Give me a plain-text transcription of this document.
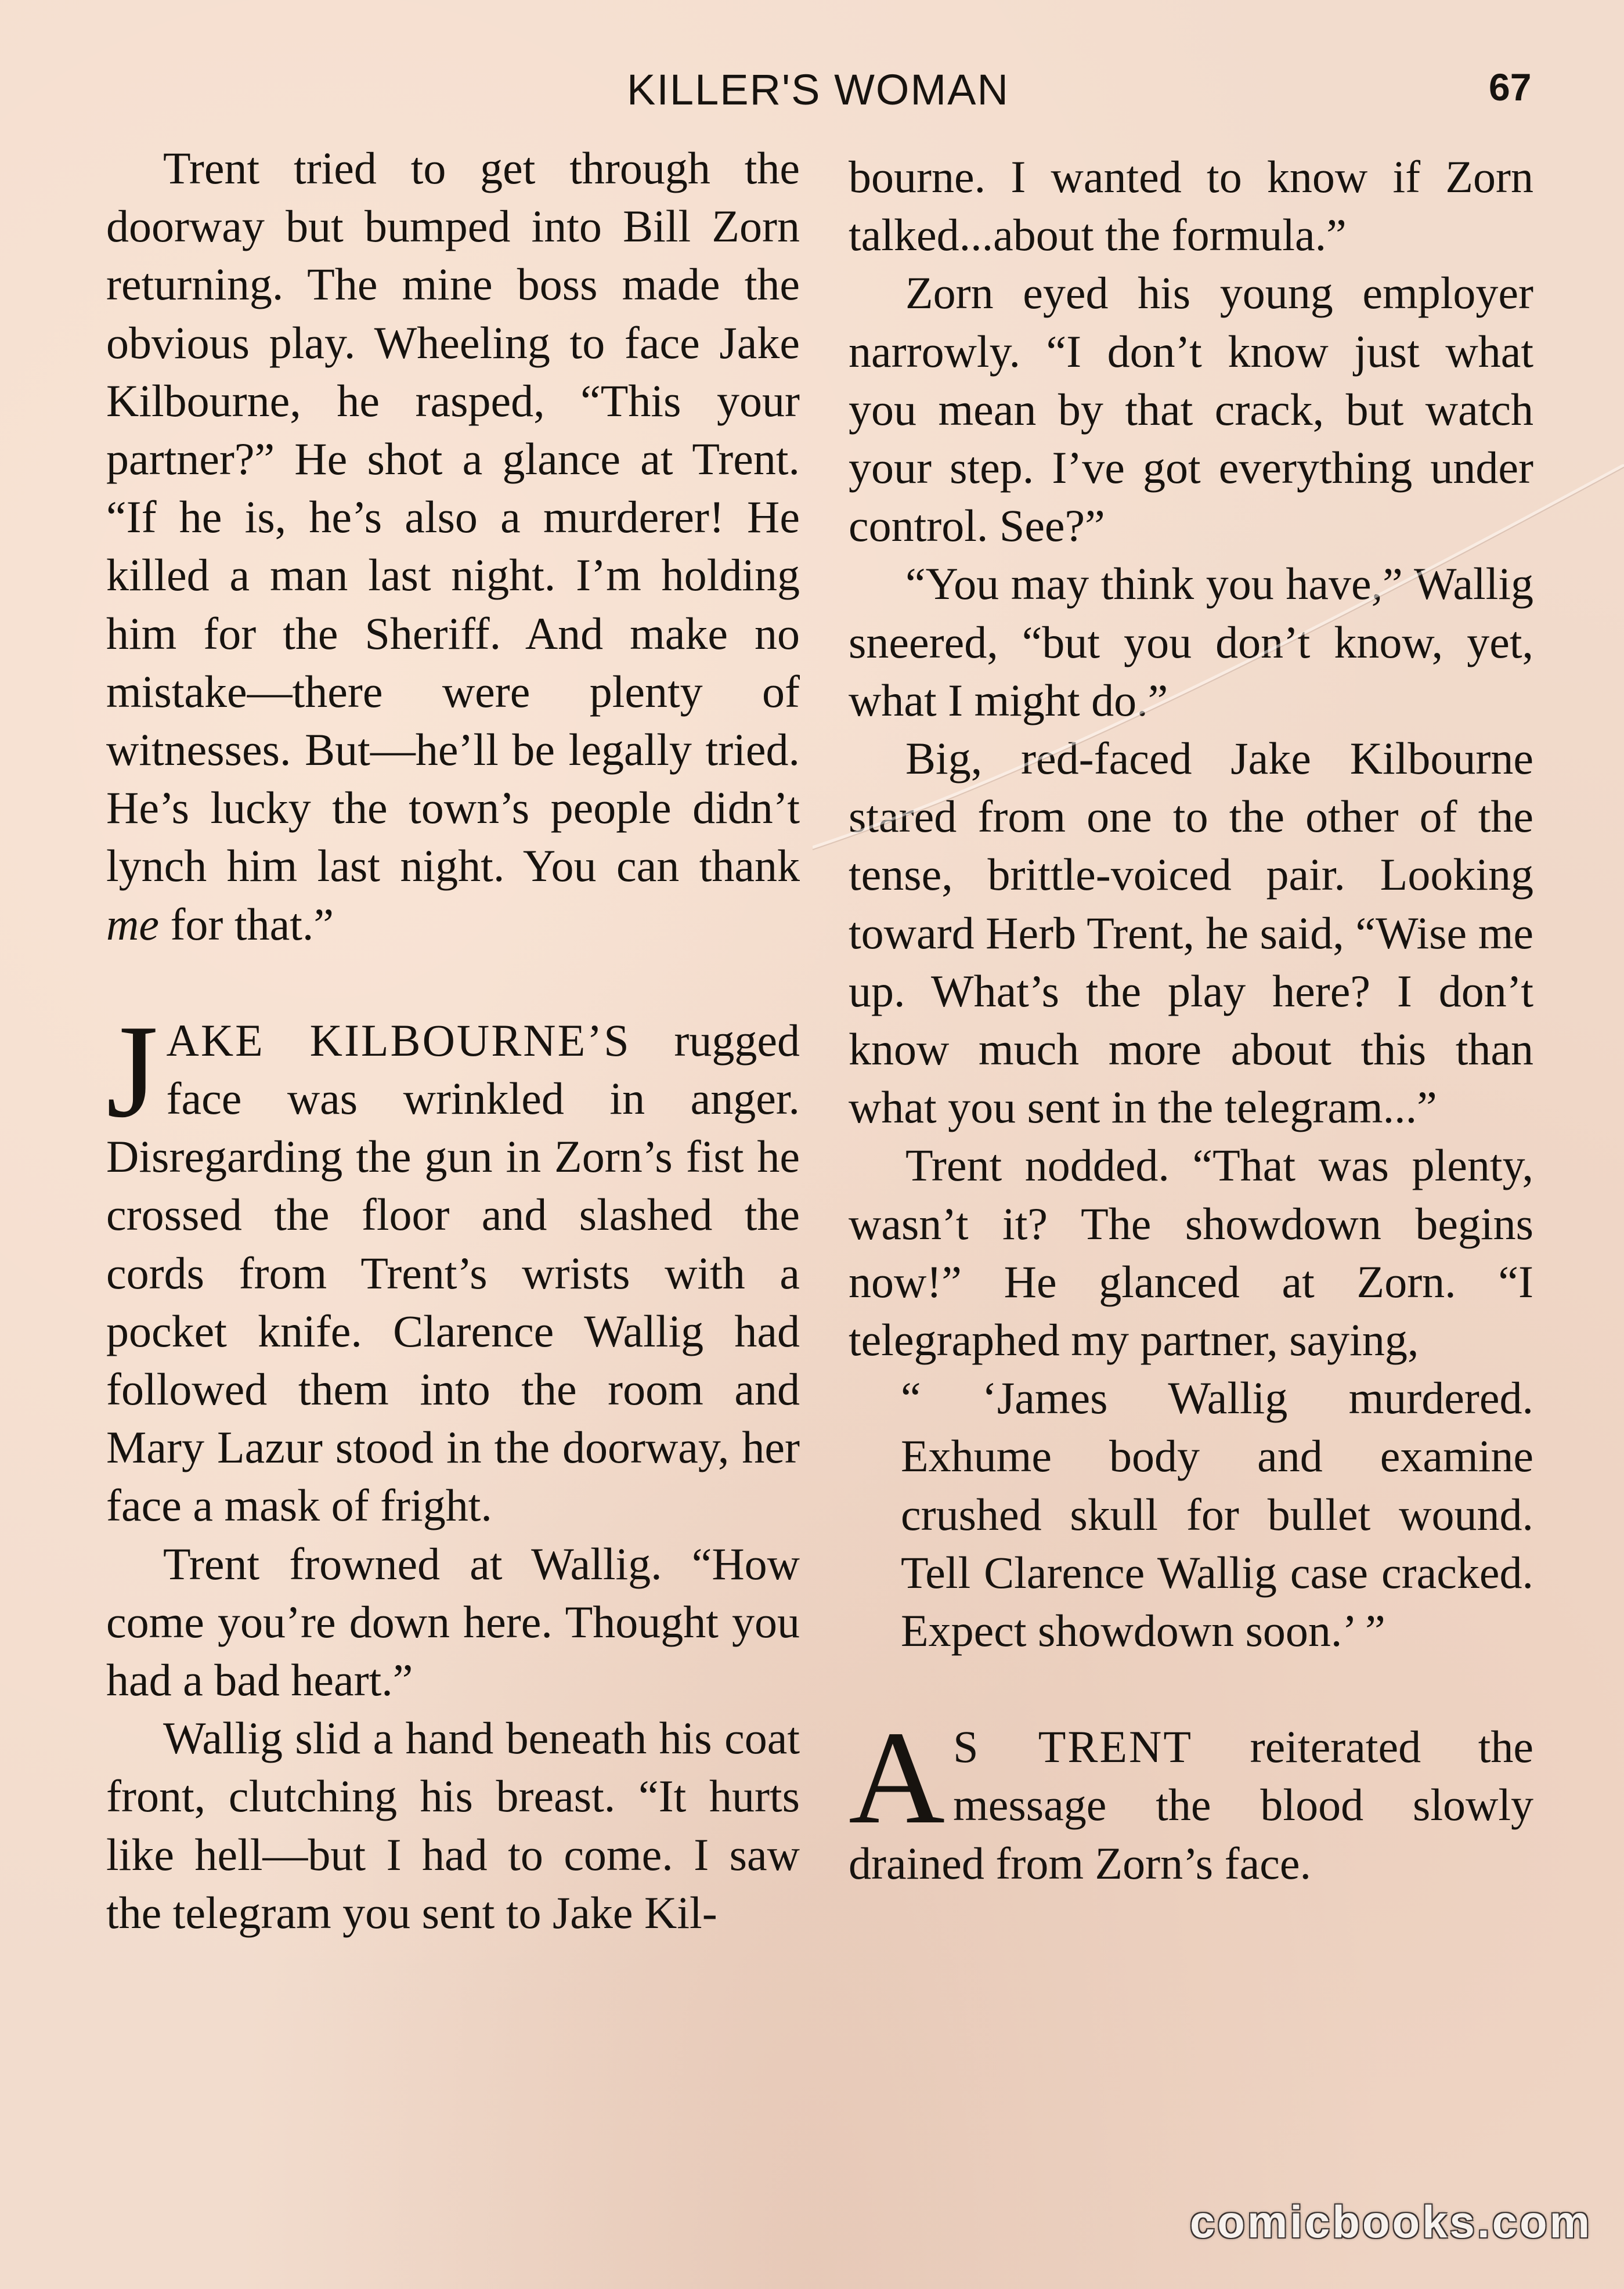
KILLER'S WOMAN	67

Trent tried to get through the doorway but bumped into Bill Zorn returning. The mine boss made the obvious play. Wheeling to face Jake Kilbourne, he rasped, “This your partner?” He shot a glance at Trent. “If he is, he’s also a murderer! He killed a man last night. I’m holding him for the Sheriff. And make no mistake—there were plenty of witnesses. But—he’ll be legally tried. He’s lucky the town’s people didn’t lynch him last night. You can thank me for that.”

JAKE KILBOURNE’S rugged face was wrinkled in anger. Disregarding the gun in Zorn’s fist he crossed the floor and slashed the cords from Trent’s wrists with a pocket knife. Clarence Wallig had followed them into the room and Mary Lazur stood in the doorway, her face a mask of fright.

Trent frowned at Wallig. “How come you’re down here. Thought you had a bad heart.”

Wallig slid a hand beneath his coat front, clutching his breast. “It hurts like hell—but I had to come. I saw the telegram you sent to Jake Kil-

bourne. I wanted to know if Zorn talked...about the formula.”

Zorn eyed his young employer narrowly. “I don’t know just what you mean by that crack, but watch your step. I’ve got everything under control. See?”

“You may think you have,” Wallig sneered, “but you don’t know, yet, what I might do.”

Big, red-faced Jake Kilbourne stared from one to the other of the tense, brittle-voiced pair. Looking toward Herb Trent, he said, “Wise me up. What’s the play here? I don’t know much more about this than what you sent in the telegram...”

Trent nodded. “That was plenty, wasn’t it? The showdown begins now!” He glanced at Zorn. “I telegraphed my partner, saying,

“ ‘James Wallig murdered. Exhume body and examine crushed skull for bullet wound. Tell Clarence Wallig case cracked. Expect showdown soon.’ ”

A S TRENT reiterated the message the blood slowly drained from Zorn’s face.

comicbooks.com
